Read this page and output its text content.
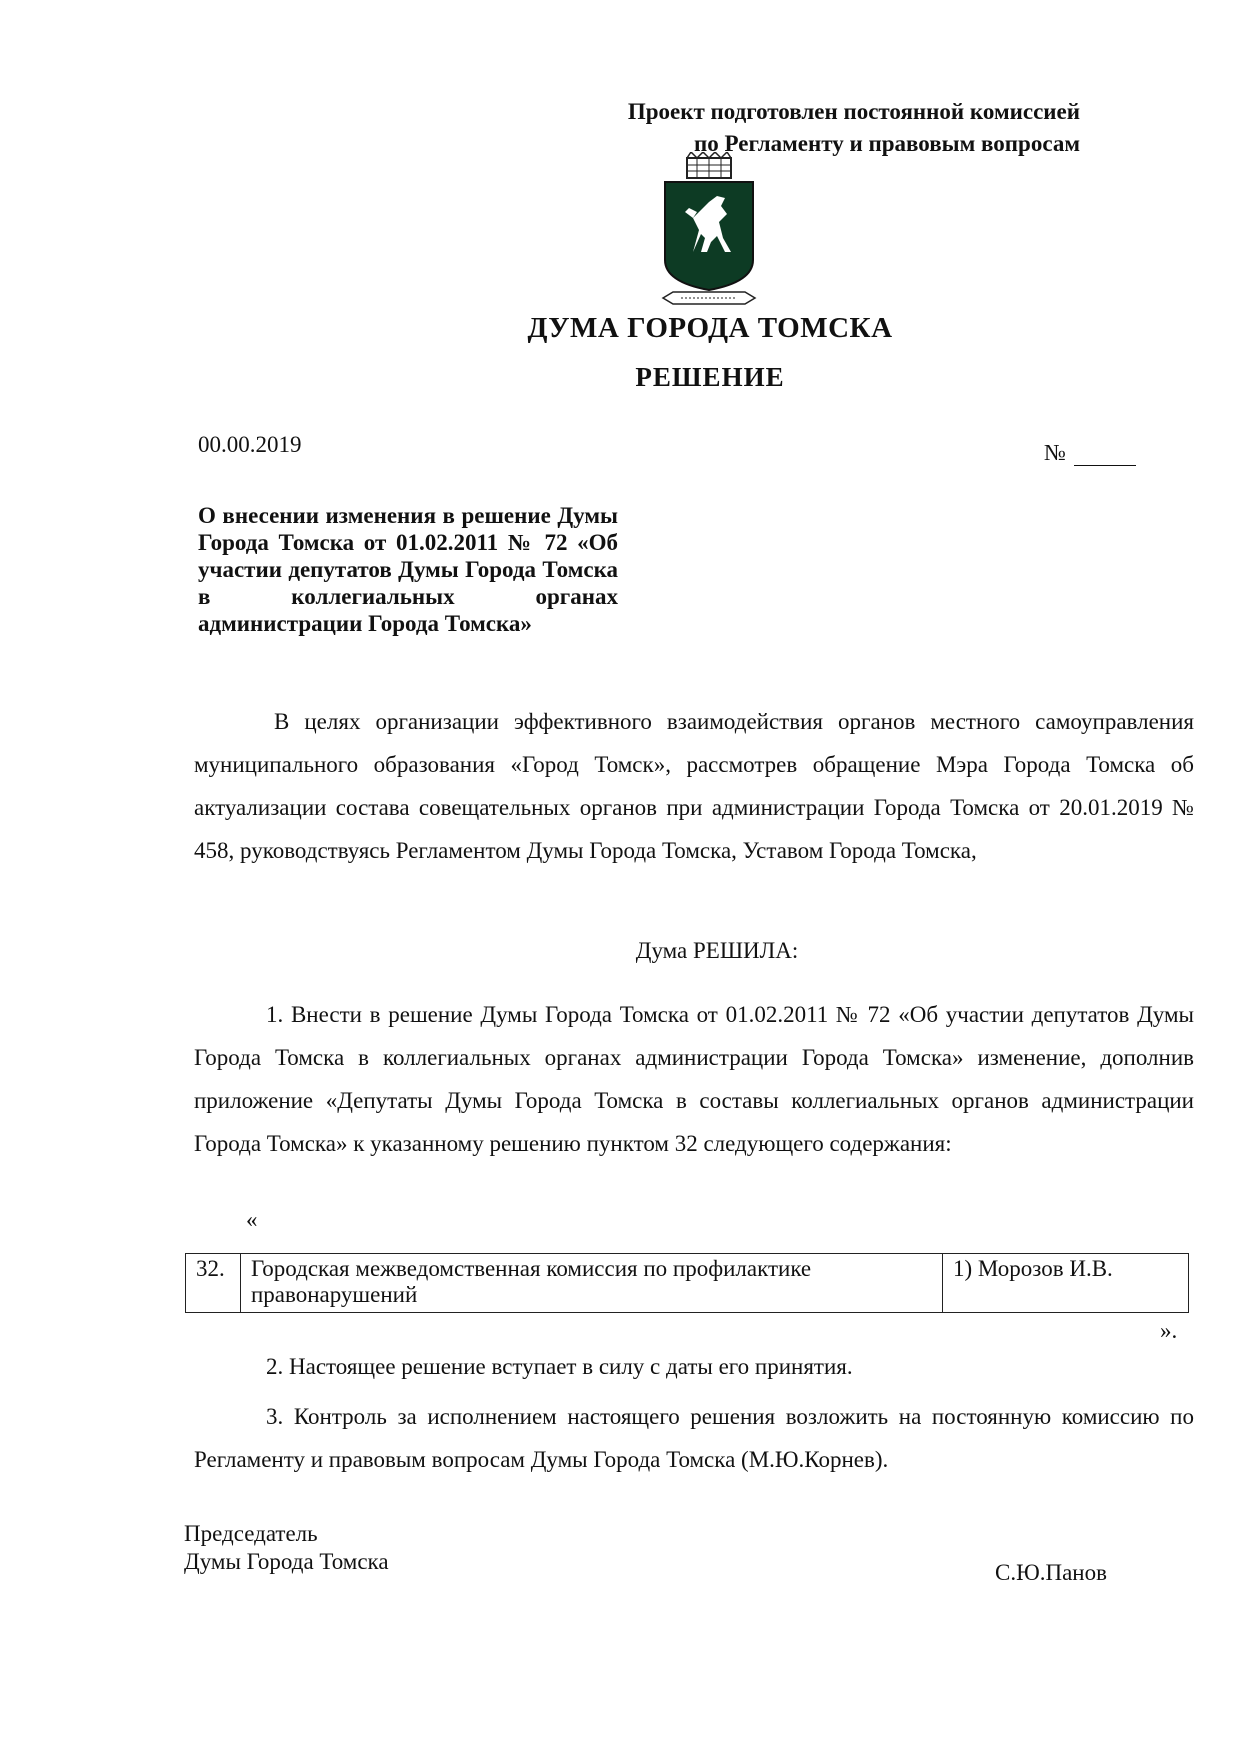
Проект подготовлен постоянной комиссией
по Регламенту и правовым вопросам
ДУМА ГОРОДА ТОМСКА
РЕШЕНИЕ
00.00.2019	№
О внесении изменения в решение Думы Города Томска от 01.02.2011 № 72 «Об участии депутатов Думы Города Томска в коллегиальных органах администрации Города Томска»
В целях организации эффективного взаимодействия органов местного самоуправления муниципального образования «Город Томск», рассмотрев обращение Мэра Города Томска об актуализации состава совещательных органов при администрации Города Томска от 20.01.2019 № 458, руководствуясь Регламентом Думы Города Томска, Уставом Города Томска,
Дума РЕШИЛА:
1. Внести в решение Думы Города Томска от 01.02.2011 № 72 «Об участии депутатов Думы Города Томска в коллегиальных органах администрации Города Томска» изменение, дополнив приложение «Депутаты Думы Города Томска в составы коллегиальных органов администрации Города Томска» к указанному решению пунктом 32 следующего содержания:
«
32.	Городская межведомственная комиссия по профилактике правонарушений	1) Морозов И.В.
».
2. Настоящее решение вступает в силу с даты его принятия.
3. Контроль за исполнением настоящего решения возложить на постоянную комиссию по Регламенту и правовым вопросам Думы Города Томска (М.Ю.Корнев).
Председатель
Думы Города Томска	С.Ю.Панов
